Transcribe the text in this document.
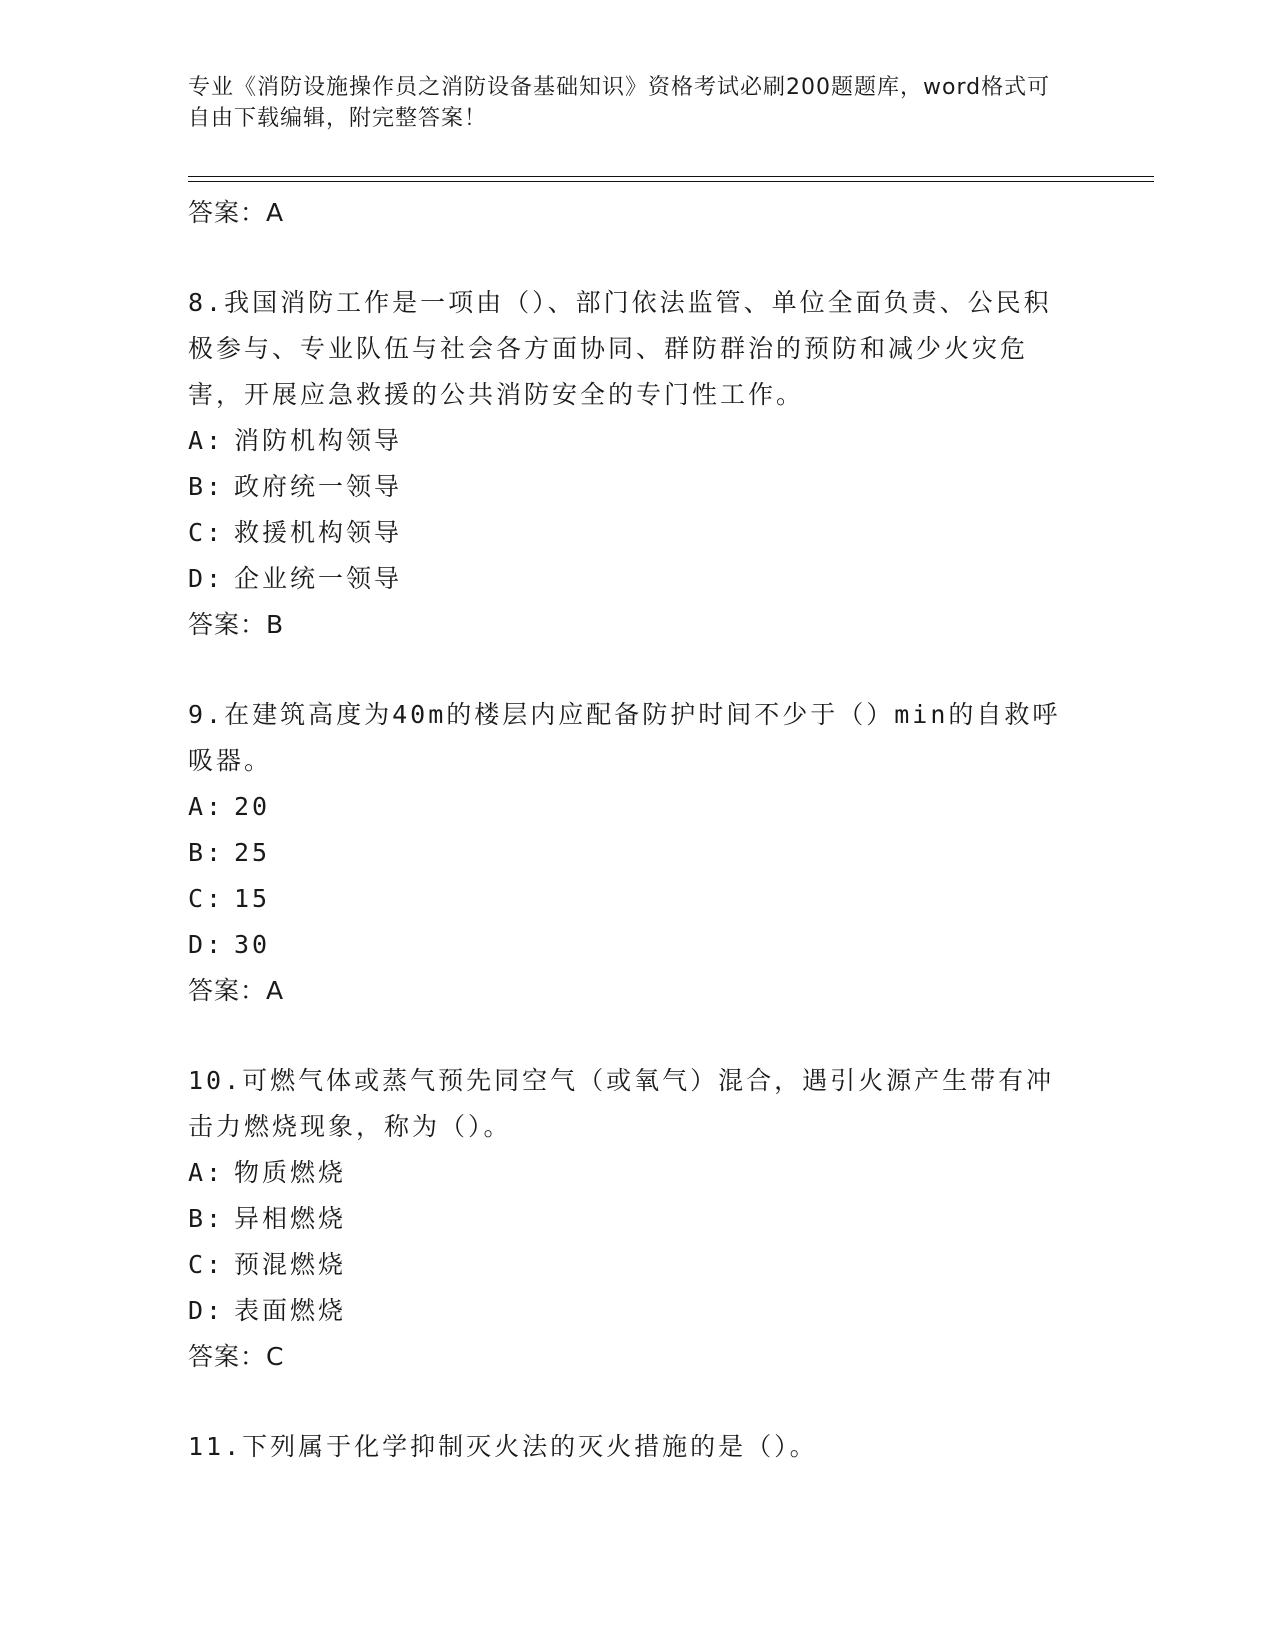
专业《消防设施操作员之消防设备基础知识》资格考试必刷200题题库，word格式可自由下载编辑，附完整答案！
答案：A
8.我国消防工作是一项由（）、部门依法监管、单位全面负责、公民积极参与、专业队伍与社会各方面协同、群防群治的预防和减少火灾危害，开展应急救援的公共消防安全的专门性工作。
A: 消防机构领导
B: 政府统一领导
C: 救援机构领导
D: 企业统一领导
答案：B
9.在建筑高度为40m的楼层内应配备防护时间不少于（）min的自救呼吸器。
A: 20
B: 25
C: 15
D: 30
答案：A
10.可燃气体或蒸气预先同空气（或氧气）混合，遇引火源产生带有冲击力燃烧现象，称为（）。
A: 物质燃烧
B: 异相燃烧
C: 预混燃烧
D: 表面燃烧
答案：C
11.下列属于化学抑制灭火法的灭火措施的是（）。
